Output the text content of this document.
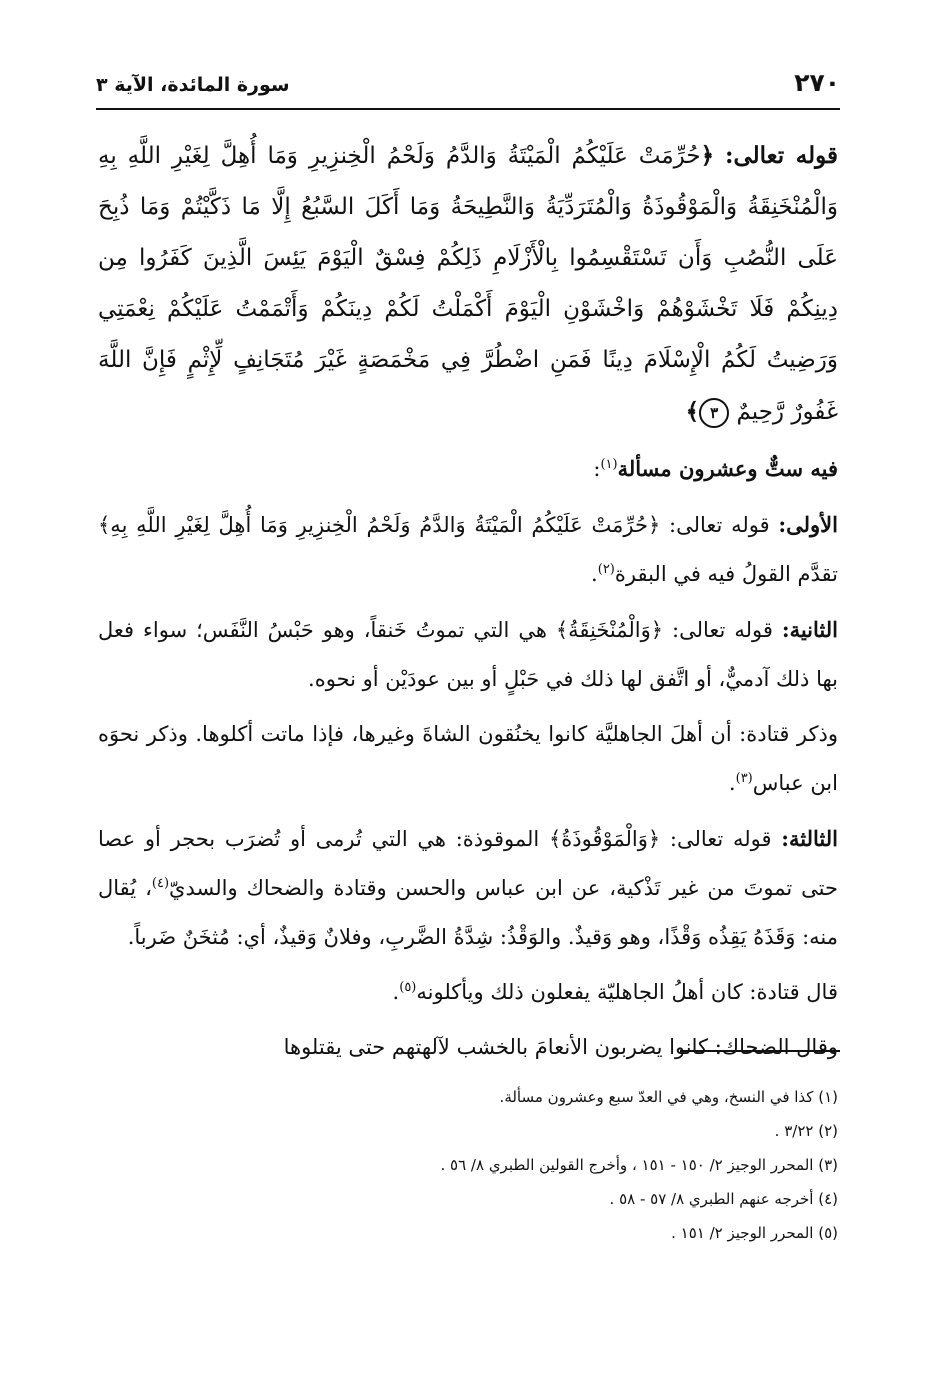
٢٧٠
سورة المائدة، الآية ٣

قوله تعالى: ﴿حُرِّمَتْ عَلَيْكُمُ الْمَيْتَةُ وَالدَّمُ وَلَحْمُ الْخِنزِيرِ وَمَا أُهِلَّ لِغَيْرِ اللَّهِ بِهِ وَالْمُنْخَنِقَةُ وَالْمَوْقُوذَةُ وَالْمُتَرَدِّيَةُ وَالنَّطِيحَةُ وَمَا أَكَلَ السَّبُعُ إِلَّا مَا ذَكَّيْتُمْ وَمَا ذُبِحَ عَلَى النُّصُبِ وَأَن تَسْتَقْسِمُوا بِالْأَزْلَامِ ذَلِكُمْ فِسْقٌ الْيَوْمَ يَئِسَ الَّذِينَ كَفَرُوا مِن دِينِكُمْ فَلَا تَخْشَوْهُمْ وَاخْشَوْنِ الْيَوْمَ أَكْمَلْتُ لَكُمْ دِينَكُمْ وَأَتْمَمْتُ عَلَيْكُمْ نِعْمَتِي وَرَضِيتُ لَكُمُ الْإِسْلَامَ دِينًا فَمَنِ اضْطُرَّ فِي مَخْمَصَةٍ غَيْرَ مُتَجَانِفٍ لِّإِثْمٍ فَإِنَّ اللَّهَ غَفُورٌ رَّحِيمٌ ٣﴾

فيه ستٌّ وعشرون مسألة$^{(١)}$:

الأولى: قوله تعالى: ﴿حُرِّمَتْ عَلَيْكُمُ الْمَيْتَةُ وَالدَّمُ وَلَحْمُ الْخِنزِيرِ وَمَا أُهِلَّ لِغَيْرِ اللَّهِ بِهِ﴾ تقدَّم القولُ فيه في البقرة$^{(٢)}$.

الثانية: قوله تعالى: ﴿وَالْمُنْخَنِقَةُ﴾ هي التي تموتُ خَنقاً، وهو حَبْسُ النَّفَس؛ سواء فعل بها ذلك آدميٌّ، أو اتَّفق لها ذلك في حَبْلٍ أو بين عودَيْن أو نحوه.

وذكر قتادة: أن أهلَ الجاهليَّة كانوا يخنُقون الشاةَ وغيرها، فإذا ماتت أكلوها. وذكر نحوَه ابن عباس$^{(٣)}$.

الثالثة: قوله تعالى: ﴿وَالْمَوْقُوذَةُ﴾ الموقوذة: هي التي تُرمى أو تُضرَب بحجر أو عصا حتى تموتَ من غير تَذْكية، عن ابن عباس والحسن وقتادة والضحاك والسديّ$^{(٤)}$، يُقال منه: وَقَذَهُ يَقِذُه وَقْذًا، وهو وَقيذٌ. والوَقْذُ: شِدَّةُ الضَّربِ، وفلانٌ وَقيذٌ، أي: مُثخَنٌ ضَرباً.

قال قتادة: كان أهلُ الجاهليّة يفعلون ذلك ويأكلونه$^{(٥)}$.

وقال الضحاك: كانوا يضربون الأنعامَ بالخشب لآلهتهم حتى يقتلوها

(١) كذا في النسخ، وهي في العدّ سبع وعشرون مسألة.
(٢) ٣/٢٢ .
(٣) المحرر الوجيز ٢/ ١٥٠ - ١٥١ ، وأخرج القولين الطبري ٨/ ٥٦ .
(٤) أخرجه عنهم الطبري ٨/ ٥٧ - ٥٨ .
(٥) المحرر الوجيز ٢/ ١٥١ .
